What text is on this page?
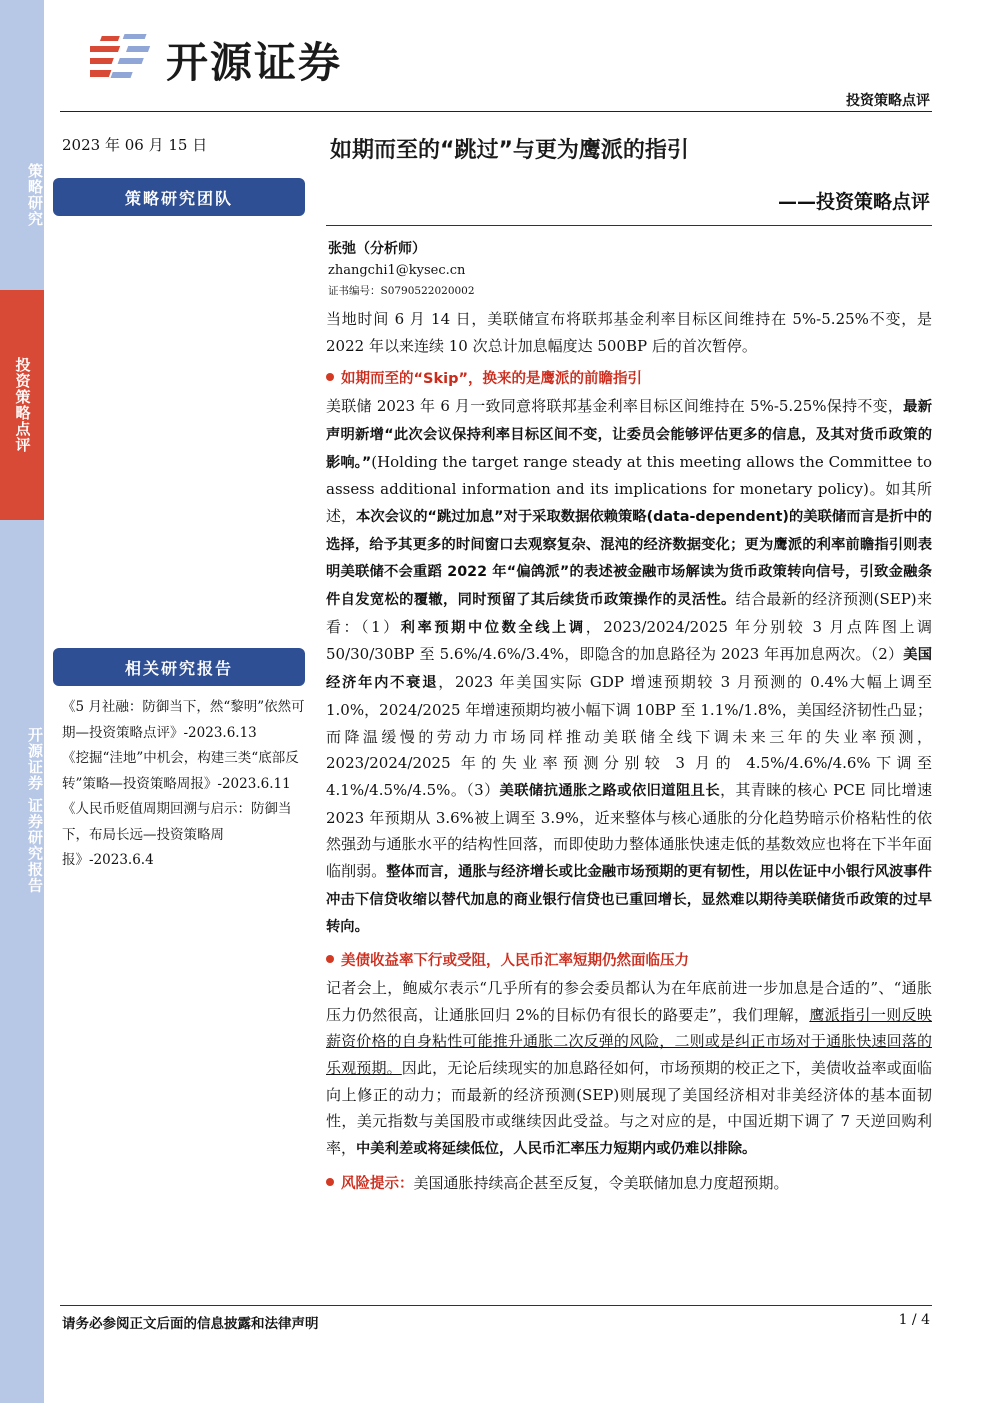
策略研究
投资策略点评
开源证券 证券研究报告
开源证券
投资策略点评
2023 年 06 月 15 日
策略研究团队
如期而至的“跳过”与更为鹰派的指引
——投资策略点评
张弛（分析师）
zhangchi1@kysec.cn
证书编号：S0790522020002
相关研究报告

《5 月社融：防御当下，然“黎明”依然可期—投资策略点评》-2023.6.13

《挖掘“洼地”中机会，构建三类“底部反转”策略—投资策略周报》-2023.6.11

《人民币贬值周期回溯与启示：防御当下，布局长远—投资策略周报》-2023.6.4

当地时间 6 月 14 日，美联储宣布将联邦基金利率目标区间维持在 5%-5.25%不变，是 2022 年以来连续 10 次总计加息幅度达 500BP 后的首次暂停。

如期而至的“Skip”，换来的是鹰派的前瞻指引

美联储 2023 年 6 月一致同意将联邦基金利率目标区间维持在 5%-5.25%保持不变，最新声明新增“此次会议保持利率目标区间不变，让委员会能够评估更多的信息，及其对货币政策的影响。”(Holding the target range steady at this meeting allows the Committee to assess additional information and its implications for monetary policy)。如其所述，本次会议的“跳过加息”对于采取数据依赖策略(data-dependent)的美联储而言是折中的选择，给予其更多的时间窗口去观察复杂、混沌的经济数据变化；更为鹰派的利率前瞻指引则表明美联储不会重蹈 2022 年“偏鸽派”的表述被金融市场解读为货币政策转向信号，引致金融条件自发宽松的覆辙，同时预留了其后续货币政策操作的灵活性。结合最新的经济预测(SEP)来看：（1）利率预期中位数全线上调，2023/2024/2025 年分别较 3 月点阵图上调 50/30/30BP 至 5.6%/4.6%/3.4%，即隐含的加息路径为 2023 年再加息两次。（2）美国经济年内不衰退，2023 年美国实际 GDP 增速预期较 3 月预测的 0.4%大幅上调至 1.0%，2024/2025 年增速预期均被小幅下调 10BP 至 1.1%/1.8%，美国经济韧性凸显；而降温缓慢的劳动力市场同样推动美联储全线下调未来三年的失业率预测，2023/2024/2025 年的失业率预测分别较 3 月的 4.5%/4.6%/4.6%下调至 4.1%/4.5%/4.5%。（3）美联储抗通胀之路或依旧道阻且长，其青睐的核心 PCE 同比增速 2023 年预期从 3.6%被上调至 3.9%，近来整体与核心通胀的分化趋势暗示价格粘性的依然强劲与通胀水平的结构性回落，而即使助力整体通胀快速走低的基数效应也将在下半年面临削弱。整体而言，通胀与经济增长或比金融市场预期的更有韧性，用以佐证中小银行风波事件冲击下信贷收缩以替代加息的商业银行信贷也已重回增长，显然难以期待美联储货币政策的过早转向。

美债收益率下行或受阻，人民币汇率短期仍然面临压力

记者会上，鲍威尔表示“几乎所有的参会委员都认为在年底前进一步加息是合适的”、“通胀压力仍然很高，让通胀回归 2%的目标仍有很长的路要走”，我们理解，鹰派指引一则反映薪资价格的自身粘性可能推升通胀二次反弹的风险，二则或是纠正市场对于通胀快速回落的乐观预期。因此，无论后续现实的加息路径如何，市场预期的校正之下，美债收益率或面临向上修正的动力；而最新的经济预测(SEP)则展现了美国经济相对非美经济体的基本面韧性，美元指数与美国股市或继续因此受益。与之对应的是，中国近期下调了 7 天逆回购利率，中美利差或将延续低位，人民币汇率压力短期内或仍难以排除。

风险提示：美国通胀持续高企甚至反复，令美联储加息力度超预期。

请务必参阅正文后面的信息披露和法律声明	1 / 4
